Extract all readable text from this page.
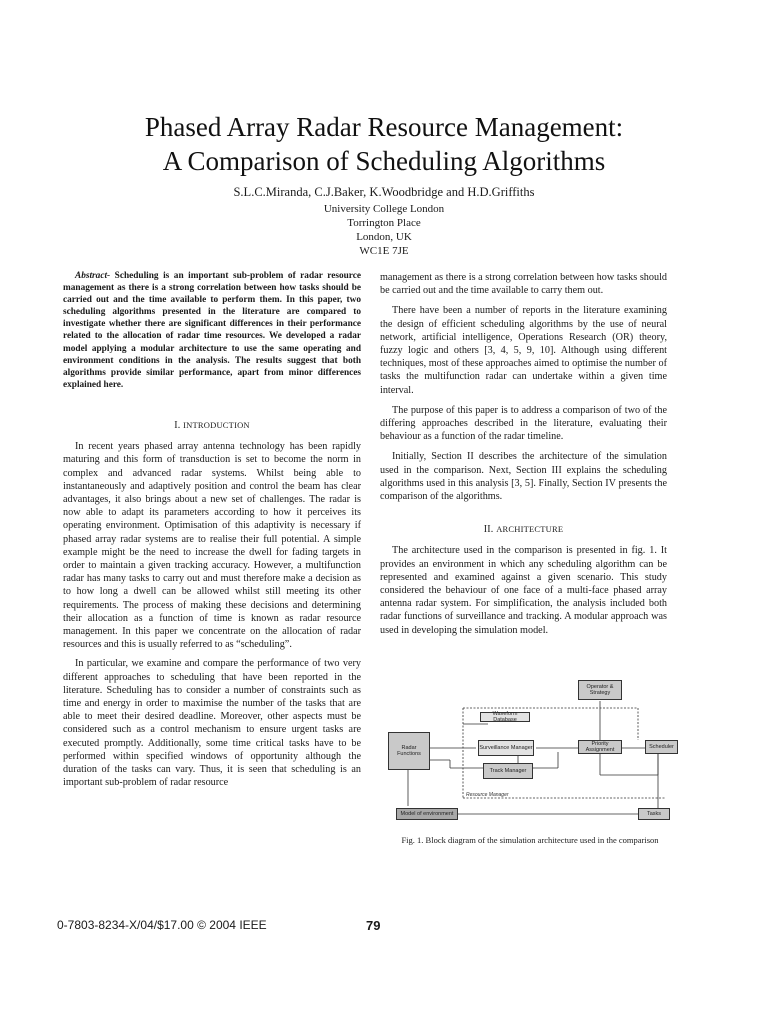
Phased Array Radar Resource Management:
A Comparison of Scheduling Algorithms
S.L.C.Miranda, C.J.Baker, K.Woodbridge and H.D.Griffiths
University College London
Torrington Place
London, UK
WC1E 7JE
Abstract- Scheduling is an important sub-problem of radar resource management as there is a strong correlation between how tasks should be carried out and the time available to perform them. In this paper, two scheduling algorithms presented in the literature are compared to investigate whether there are significant differences in their performance related to the allocation of radar time resources. We developed a radar model applying a modular architecture to use the same operating and environment conditions in the analysis. The results suggest that both algorithms provide similar performance, apart from minor differences explained here.
I. INTRODUCTION

In recent years phased array antenna technology has been rapidly maturing and this form of transduction is set to become the norm in complex and advanced radar systems. Whilst being able to instantaneously and adaptively position and control the beam has clear advantages, it also brings about a new set of challenges. The radar is now able to adapt its parameters according to how it perceives its operating environment. Optimisation of this adaptivity is necessary if phased array radar systems are to realise their full potential. A simple example might be the need to increase the dwell for fading targets in order to maintain a given tracking accuracy. However, a multifunction radar has many tasks to carry out and must therefore make a decision as to how long a dwell can be allowed whilst still meeting its other requirements. The process of making these decisions and determining their allocation as a function of time is known as radar resource management. In this paper we concentrate on the allocation of radar resources and this is usually referred to as “scheduling”.

In particular, we examine and compare the performance of two very different approaches to scheduling that have been reported in the literature. Scheduling has to consider a number of constraints such as time and energy in order to maximise the number of the tasks that are able to meet their desired deadline. Moreover, other aspects must be considered such as a control mechanism to ensure urgent tasks are executed promptly. Additionally, some time critical tasks have to be performed within specified windows of opportunity although the duration of the tasks can vary. Thus, it is seen that scheduling is an important sub-problem of radar resource

management as there is a strong correlation between how tasks should be carried out and the time available to carry them out.

There have been a number of reports in the literature examining the design of efficient scheduling algorithms by the use of neural network, artificial intelligence, Operations Research (OR) theory, fuzzy logic and others [3, 4, 5, 9, 10]. Although using different techniques, most of these approaches aimed to optimise the number of tasks the multifunction radar can undertake within a given time interval.

The purpose of this paper is to address a comparison of two of the differing approaches described in the literature, evaluating their behaviour as a function of the radar timeline.

Initially, Section II describes the architecture of the simulation used in the comparison. Next, Section III explains the scheduling algorithms used in this analysis [3, 5]. Finally, Section IV presents the comparison of the algorithms.

II. ARCHITECTURE

The architecture used in the comparison is presented in fig. 1. It provides an environment in which any scheduling algorithm can be represented and examined against a given scenario. This study considered the behaviour of one face of a multi-face phased array antenna radar system. For simplification, the analysis included both radar functions of surveillance and tracking. A modular approach was used in developing the simulation model.

Operator & Strategy
Waveform Database
Radar Functions
Surveillance Manager
Priority Assignment	Scheduler
Track Manager
Resource Manager
Model of environment	Tasks
Fig. 1. Block diagram of the simulation architecture used in the comparison
0-7803-8234-X/04/$17.00 © 2004 IEEE	79
